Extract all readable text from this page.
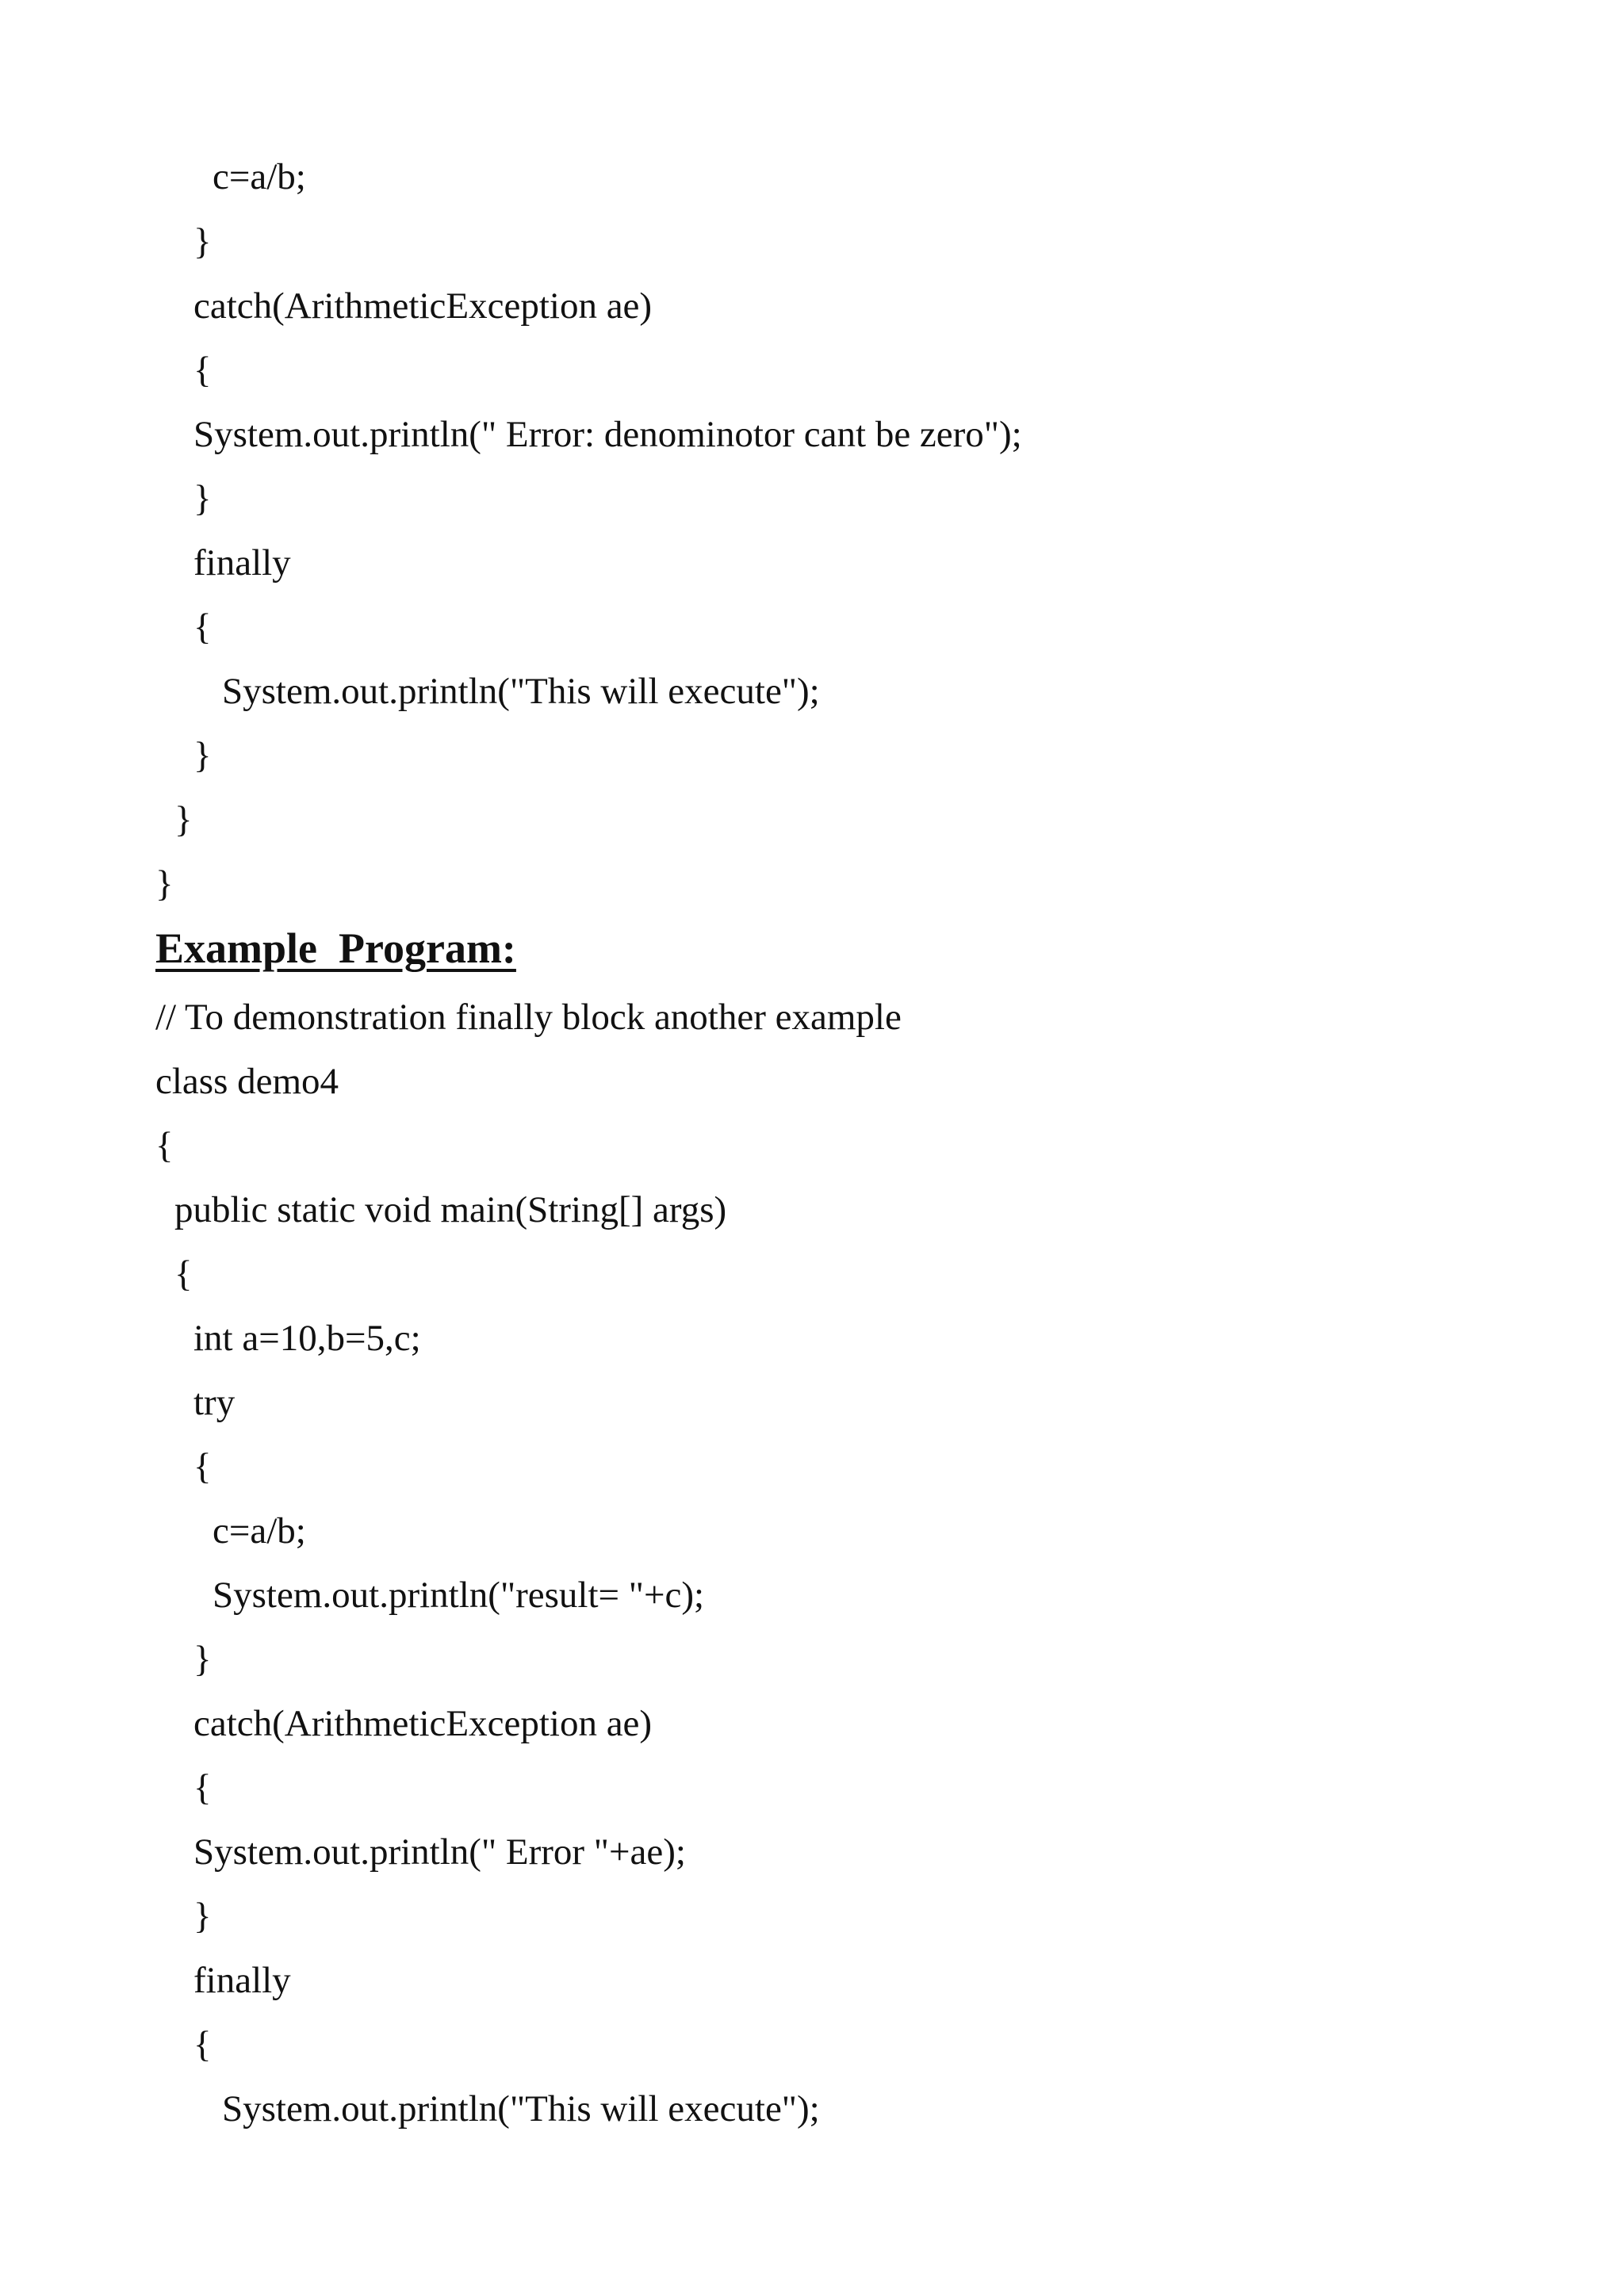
c=a/b;
}
catch(ArithmeticException ae)
{
System.out.println(" Error: denominotor cant be zero");
}
finally
{
System.out.println("This will execute");
}
}
}
Example  Program:
// To demonstration finally block another example
class demo4
{
public static void main(String[] args)
{
int a=10,b=5,c;
try
{
c=a/b;
System.out.println("result= "+c);
}
catch(ArithmeticException ae)
{
System.out.println(" Error "+ae);
}
finally
{
System.out.println("This will execute");
